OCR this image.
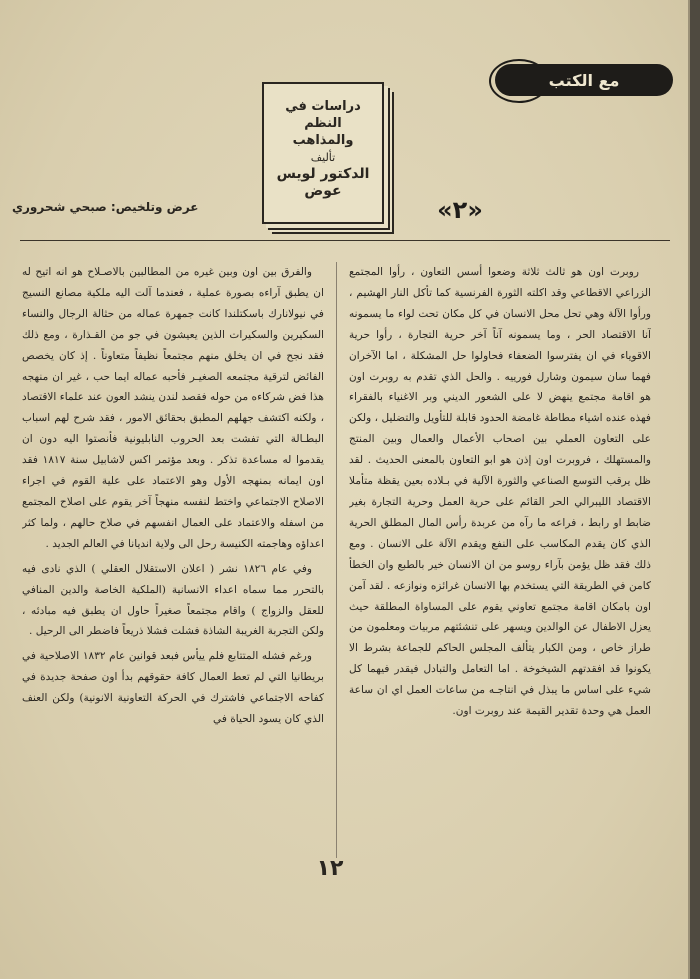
مع الكتب
دراسات في النظم والمذاهب
تأليف
الدكتور لويس عوض
«٢»
عرض وتلخيص: صبحي شحروري

روبرت اون هو ثالث ثلاثة وضعوا أسس التعاون ، رأوا المجتمع الزراعي الاقطاعي وقد اكلته الثورة الفرنسية كما تأكل النار الهشيم ، ورأوا الآلة وهي تحل محل الانسان في كل مكان تحت لواء ما يسمونه آنا الاقتصاد الحر ، وما يسمونه آناً آخر حرية التجارة ، رأوا حرية الاقوياء في ان يفترسوا الضعفاء فحاولوا حل المشكلة ، اما الآخران فهما سان سيمون وشارل فورييه . والحل الذي تقدم به روبرت اون هو اقامة مجتمع ينهض لا على الشعور الديني وبر الاغنياء بالفقراء فهذه عنده اشياء مطاطة غامضة الحدود قابلة للتأويل والتضليل ، ولكن على التعاون العملي بين اصحاب الأعمال والعمال وبين المنتج والمستهلك ، فروبرت اون إذن هو ابو التعاون بالمعنى الحديث . لقد ظل يرقب التوسع الصناعي والثورة الآلية في بـلاده بعين يقظة متأملا الاقتصاد الليبرالي الحر القائم على حرية العمل وحرية التجارة بغير ضابط او رابط ، فراعه ما رآه من عربدة رأس المال المطلق الحرية الذي كان يقدم المكاسب على النفع ويقدم الآلة على الانسان . ومع ذلك فقد ظل يؤمن بآراء روسو من ان الانسان خير بالطبع وان الخطأ كامن في الطريقة التي يستخدم بها الانسان غرائزه ونوازعه . لقد آمن اون بامكان اقامة مجتمع تعاوني يقوم على المساواة المطلقة حيث يعزل الاطفال عن الوالدين ويسهر على تنشئتهم مربيات ومعلمون من طراز خاص ، ومن الكبار يتألف المجلس الحاكم للجماعة بشرط الا يكونوا قد افقدتهم الشيخوخة . اما التعامل والتبادل فيقدر فيهما كل شيء على اساس ما يبذل في انتاجـه من ساعات العمل اي ان ساعة العمل هي وحدة تقدير القيمة عند روبرت اون.

والفرق بين اون وبين غيره من المطالبين بالاصـلاح هو انه اتيح له ان يطبق آراءه بصورة عملية ، فعندما آلت اليه ملكية مصانع النسيج في نيولانارك باسكتلندا كانت جمهرة عماله من حثالة الرجال والنساء السكيرين والسكيرات الذين يعيشون في جو من القـذارة ، ومع ذلك فقد نجح في ان يخلق منهم مجتمعاً نظيفاً متعاوناً . إذ كان يخصص الفائض لترقية مجتمعه الصغيـر فأحبه عماله ايما حب ، غير ان منهجه هذا فض شركاءه من حوله فقصد لندن ينشد العون عند علماء الاقتصاد ، ولكنه اكتشف جهلهم المطبق بحقائق الامور ، فقد شرح لهم اسباب البطـالة التي تفشت بعد الحروب النابليونية فأنصتوا اليه دون ان يقدموا له مساعدة تذكر . وبعد مؤتمر اكس لاشابيل سنة ١٨١٧ فقد اون ايمانه بمنهجه الأول وهو الاعتماد على علية القوم في اجراء الاصلاح الاجتماعي واختط لنفسه منهجاً آخر يقوم على اصلاح المجتمع من اسفله والاعتماد على العمال انفسهم في صلاح حالهم ، ولما كثر اعداؤه وهاجمته الكنيسة رحل الى ولاية انديانا في العالم الجديد .

وفي عام ١٨٢٦ نشر ( اعلان الاستقلال العقلي ) الذي نادى فيه بالتحرر مما سماه اعداء الانسانية (الملكية الخاصة والدين المنافي للعقل والزواج ) واقام مجتمعاً صغيراً حاول ان يطبق فيه مبادئه ، ولكن التجربة الغريبة الشاذة فشلت فشلا ذريعاً فاضطر الى الرحيل .

ورغم فشله المتتابع فلم ييأس فبعد قوانين عام ١٨٣٢ الاصلاحية في بريطانيا التي لم تعط العمال كافة حقوقهم بدأ اون صفحة جديدة في كفاحه الاجتماعي فاشترك في الحركة التعاونية الانونية) ولكن العنف الذي كان يسود الحياة في

١٢
